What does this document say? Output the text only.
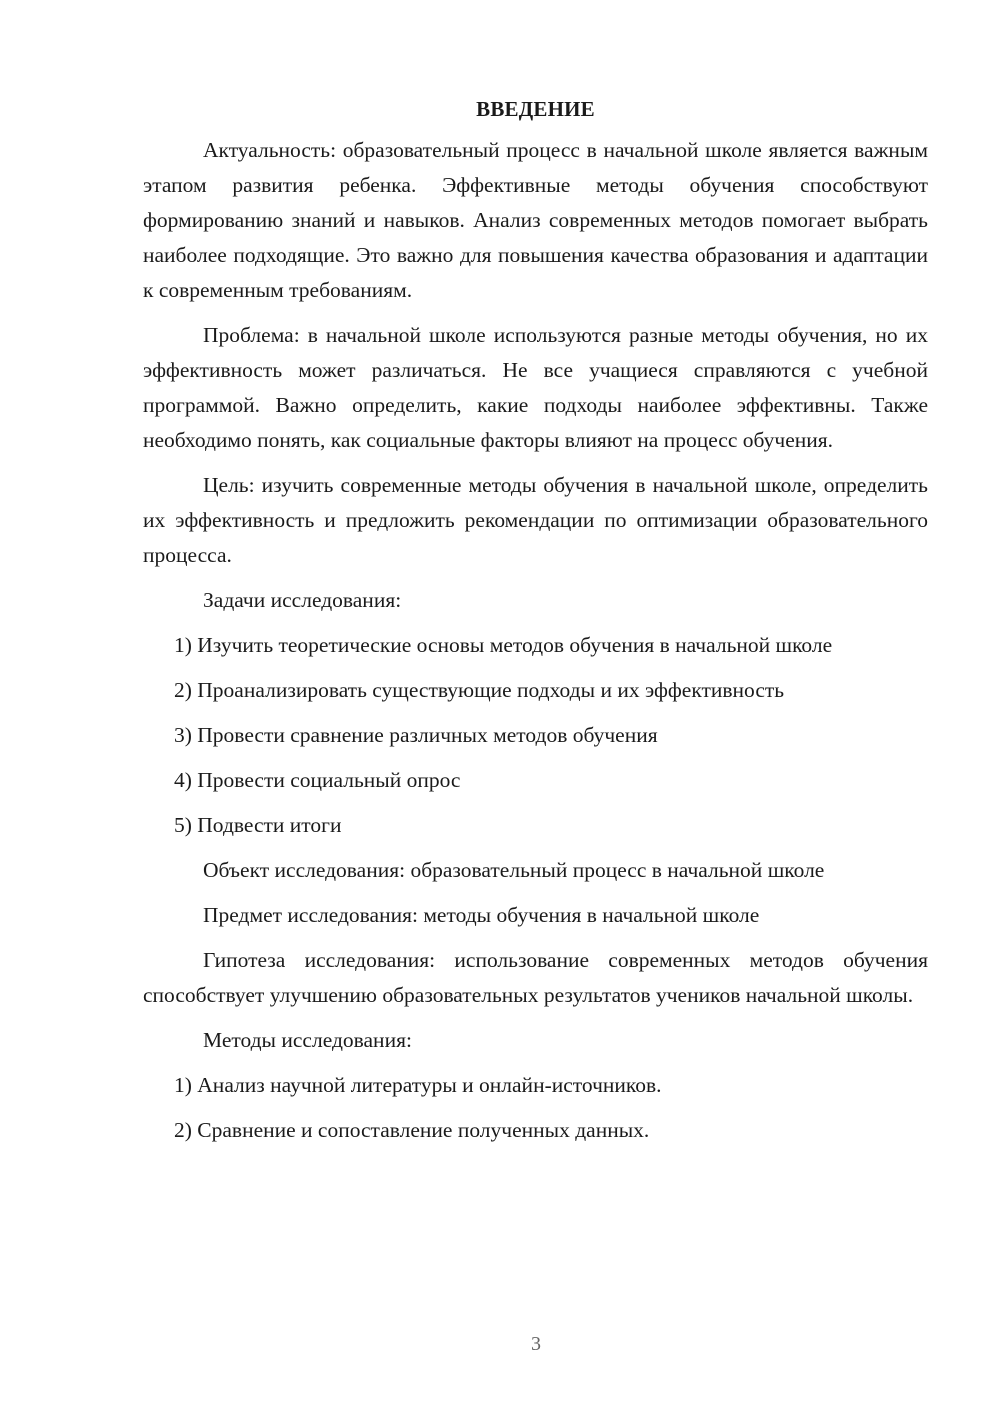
ВВЕДЕНИЕ
Актуальность: образовательный процесс в начальной школе является важным этапом развития ребенка. Эффективные методы обучения способствуют формированию знаний и навыков. Анализ современных методов помогает выбрать наиболее подходящие. Это важно для повышения качества образования и адаптации к современным требованиям.
Проблема: в начальной школе используются разные методы обучения, но их эффективность может различаться. Не все учащиеся справляются с учебной программой. Важно определить, какие подходы наиболее эффективны. Также необходимо понять, как социальные факторы влияют на процесс обучения.
Цель: изучить современные методы обучения в начальной школе, определить их эффективность и предложить рекомендации по оптимизации образовательного процесса.
Задачи исследования:
1) Изучить теоретические основы методов обучения в начальной школе
2) Проанализировать существующие подходы и их эффективность
3) Провести сравнение различных методов обучения
4) Провести социальный опрос
5) Подвести итоги
Объект исследования: образовательный процесс в начальной школе
Предмет исследования: методы обучения в начальной школе
Гипотеза исследования: использование современных методов обучения способствует улучшению образовательных результатов учеников начальной школы.
Методы исследования:
1) Анализ научной литературы и онлайн-источников.
2) Сравнение и сопоставление полученных данных.
3
